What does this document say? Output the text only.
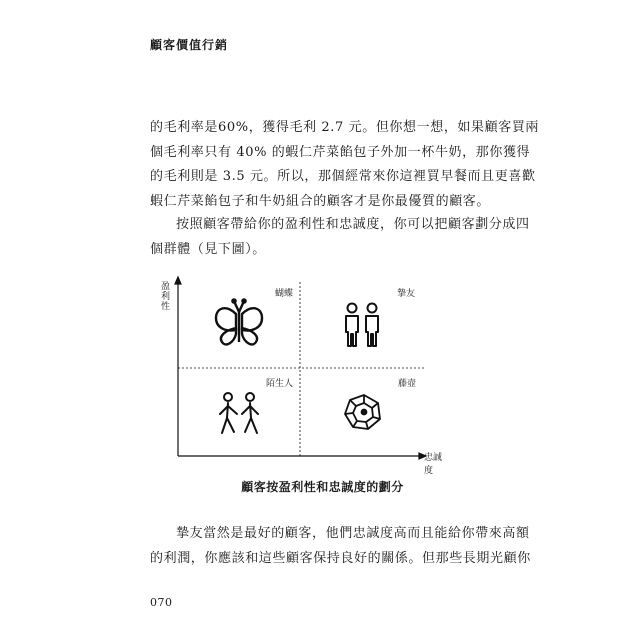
顧客價值行銷
的毛利率是60%，獲得毛利 2.7 元。但你想一想，如果顧客買兩
個毛利率只有 40% 的蝦仁芹菜餡包子外加一杯牛奶，那你獲得
的毛利則是 3.5 元。所以，那個經常來你這裡買早餐而且更喜歡
蝦仁芹菜餡包子和牛奶組合的顧客才是你最優質的顧客。
按照顧客帶給你的盈利性和忠誠度，你可以把顧客劃分成四
個群體（見下圖）。
盈利性
蝴蝶	摯友
陌生人	藤壺
忠誠度
顧客按盈利性和忠誠度的劃分
摯友當然是最好的顧客，他們忠誠度高而且能給你帶來高額
的利潤，你應該和這些顧客保持良好的關係。但那些長期光顧你
070
